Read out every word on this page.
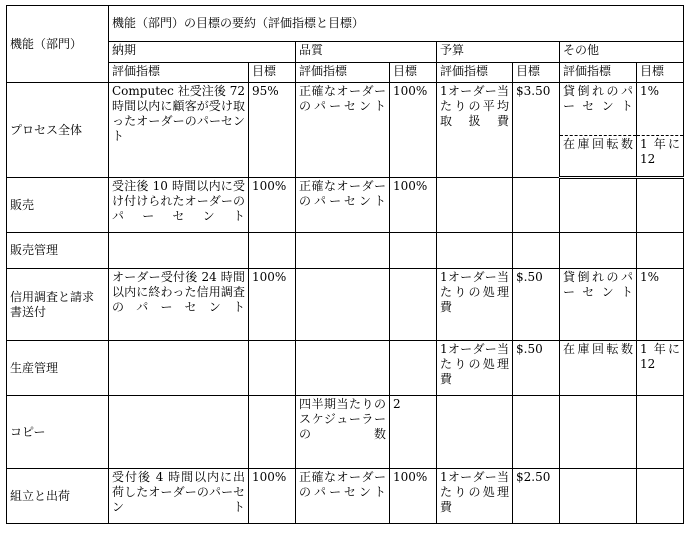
機能（部門）	機能（部門）の目標の要約（評価指標と目標）							
	納期		品質		予算		その他	
	評価指標	目標	評価指標	目標	評価指標	目標	評価指標	目標
プロセス全体	Computec 社受注後 72 時間以内に顧客が受け取ったオーダーのパーセント	95%	正確なオーダーのパーセント	100%	1オーダー当たりの平均取扱費	$3.50	貸倒れのパーセント	1%
							在庫回転数	1 年に 12
販売	受注後 10 時間以内に受け付けられたオーダーのパーセント	100%	正確なオーダーのパーセント	100%				
販売管理								
信用調査と請求書送付	オーダー受付後 24 時間以内に終わった信用調査のパーセント	100%			1オーダー当たりの処理費	$.50	貸倒れのパーセント	1%
生産管理					1オーダー当たりの処理費	$.50	在庫回転数	1 年に 12
コピー			四半期当たりのスケジューラーの数	2				
組立と出荷	受付後 4 時間以内に出荷したオーダーのパーセント	100%	正確なオーダーのパーセント	100%	1オーダー当たりの処理費	$2.50		
